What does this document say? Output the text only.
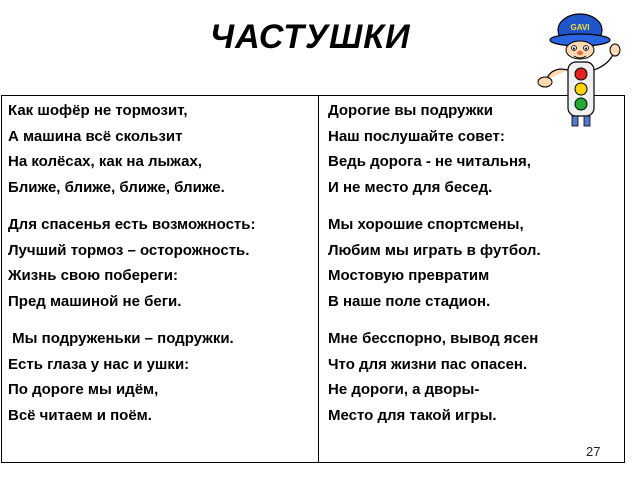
ЧАСТУШКИ
Как шофёр не тормозит,
А машина всё скользит
На колёсах, как на лыжах,
Ближе, ближе, ближе, ближе.
Для спасенья есть возможность:
Лучший тормоз – осторожность.
Жизнь свою побереги:
Пред машиной не беги.
Мы подруженьки – подружки.
Есть глаза у нас и ушки:
По дороге мы идём,
Всё читаем и поём.
Дорогие вы подружки
Наш послушайте совет:
Ведь дорога - не читальня,
И не место для бесед.
Мы хорошие спортсмены,
Любим мы играть в футбол.
Мостовую превратим
В наше поле стадион.
Мне бесспорно, вывод ясен
Что для жизни пас опасен.
Не дороги, а дворы-
Место для такой игры.
27
GAVI
